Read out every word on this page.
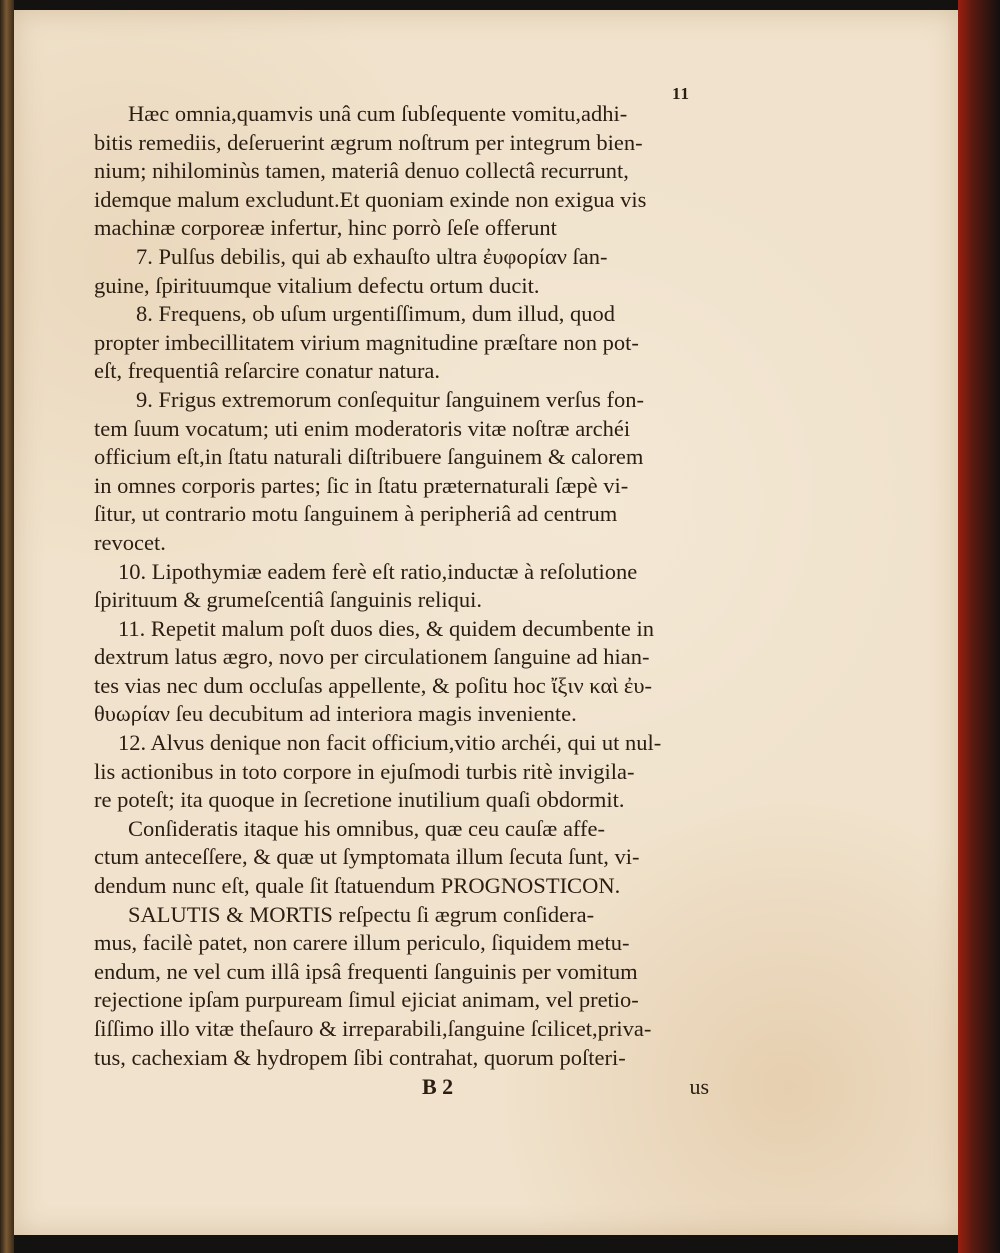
11
Hæc omnia,quamvis unâ cum ſubſequente vomitu,adhi-
bitis remediis, deſeruerint ægrum noſtrum per integrum bien-
nium; nihilominùs tamen, materiâ denuo collectâ recurrunt,
idemque malum excludunt.Et quoniam exinde non exigua vis
machinæ corporeæ infertur, hinc porrò ſeſe offerunt
7. Pulſus debilis, qui ab exhauſto ultra ἐυφορίαν ſan-
guine, ſpirituumque vitalium defectu ortum ducit.
8. Frequens, ob uſum urgentiſſimum, dum illud, quod
propter imbecillitatem virium magnitudine præſtare non pot-
eſt, frequentiâ reſarcire conatur natura.
9. Frigus extremorum conſequitur ſanguinem verſus fon-
tem ſuum vocatum; uti enim moderatoris vitæ noſtræ archéi
officium eſt,in ſtatu naturali diſtribuere ſanguinem & calorem
in omnes corporis partes; ſic in ſtatu præternaturali ſæpè vi-
ſitur, ut contrario motu ſanguinem à peripheriâ ad centrum
revocet.
10. Lipothymiæ eadem ferè eſt ratio,inductæ à reſolutione
ſpirituum & grumeſcentiâ ſanguinis reliqui.
11. Repetit malum poſt duos dies, & quidem decumbente in
dextrum latus ægro, novo per circulationem ſanguine ad hian-
tes vias nec dum occluſas appellente, & poſitu hoc ἴξιν καὶ ἐυ-
θυωρίαν ſeu decubitum ad interiora magis inveniente.
12. Alvus denique non facit officium,vitio archéi, qui ut nul-
lis actionibus in toto corpore in ejuſmodi turbis ritè invigila-
re poteſt; ita quoque in ſecretione inutilium quaſi obdormit.
Conſideratis itaque his omnibus, quæ ceu cauſæ affe-
ctum anteceſſere, & quæ ut ſymptomata illum ſecuta ſunt, vi-
dendum nunc eſt, quale ſit ſtatuendum PROGNOSTICON.
SALUTIS & MORTIS reſpectu ſi ægrum conſidera-
mus, facilè patet, non carere illum periculo, ſiquidem metu-
endum, ne vel cum illâ ipsâ frequenti ſanguinis per vomitum
rejectione ipſam purpuream ſimul ejiciat animam, vel pretio-
ſiſſimo illo vitæ theſauro & irreparabili,ſanguine ſcilicet,priva-
tus, cachexiam & hydropem ſibi contrahat, quorum poſteri-
B 2	us
